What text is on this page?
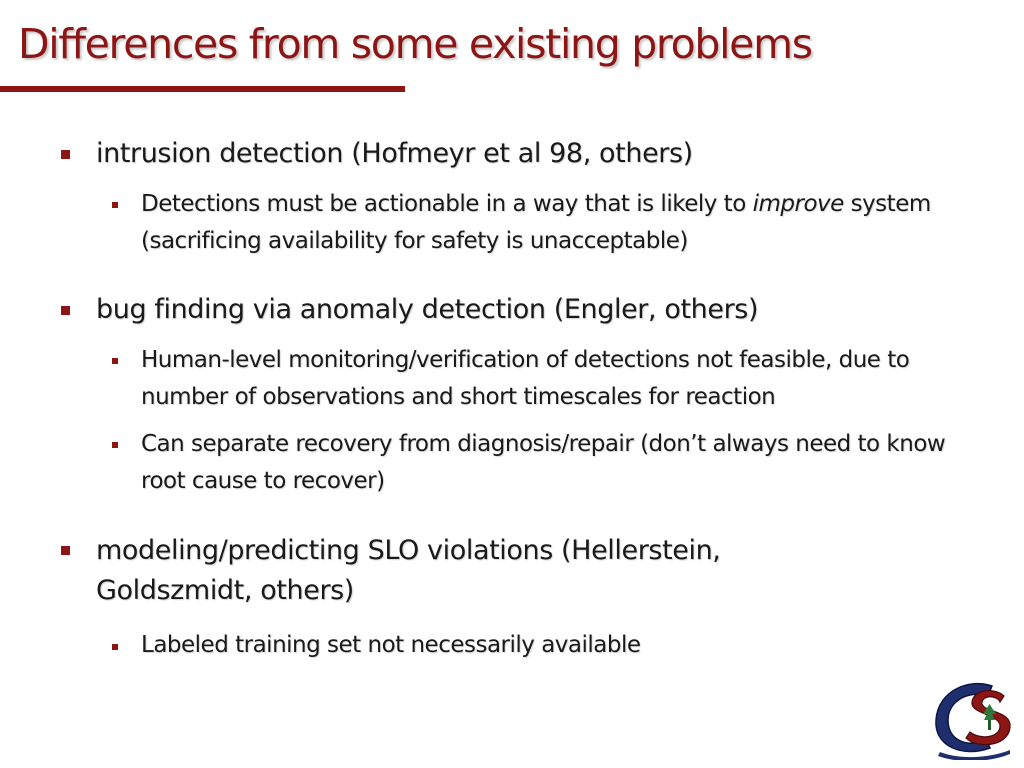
Differences from some existing problems
intrusion detection (Hofmeyr et al 98, others)
Detections must be actionable in a way that is likely to improve system (sacrificing availability for safety is unacceptable)
bug finding via anomaly detection (Engler, others)
Human-level monitoring/verification of detections not feasible, due to number of observations and short timescales for reaction
Can separate recovery from diagnosis/repair (don’t always need to know root cause to recover)
modeling/predicting SLO violations (Hellerstein, Goldszmidt, others)
Labeled training set not necessarily available
